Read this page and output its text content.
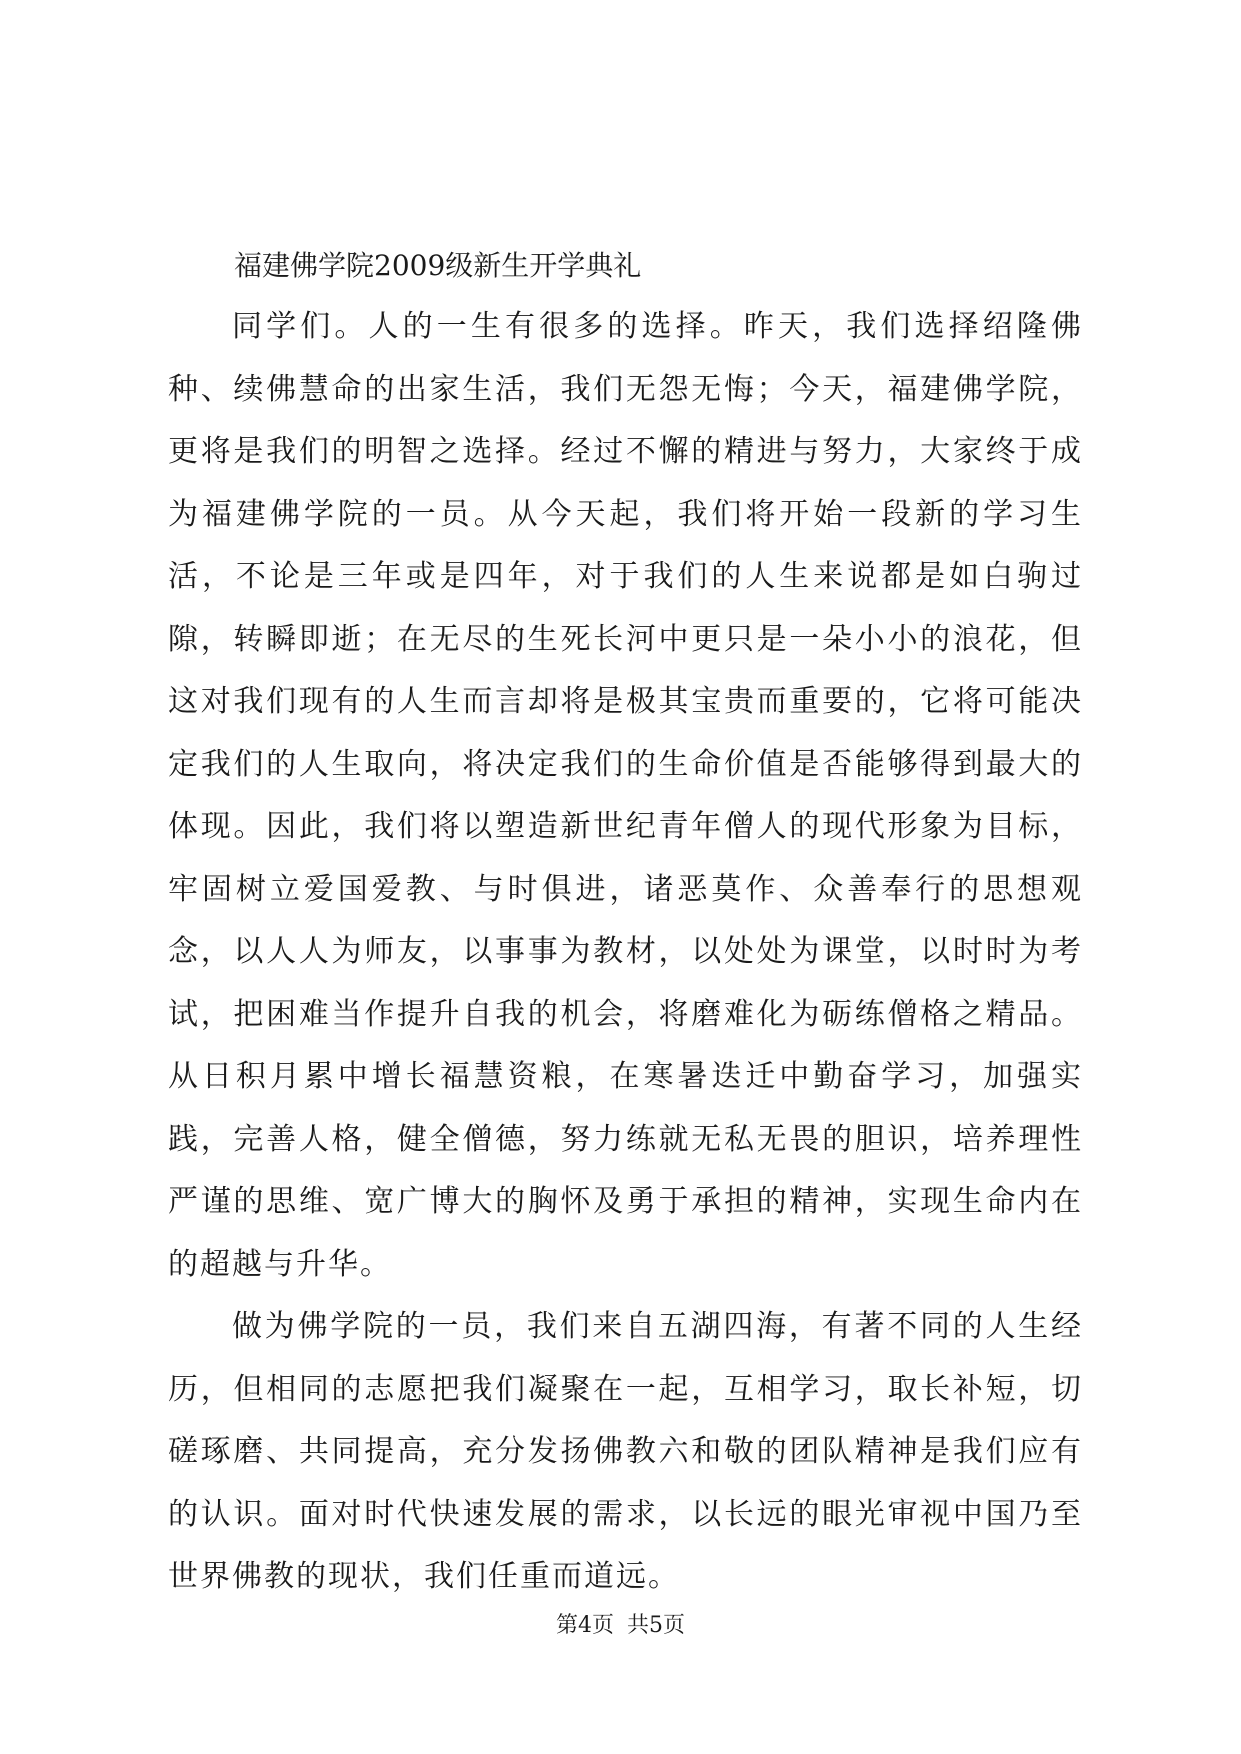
福建佛学院2009级新生开学典礼

同学们。人的一生有很多的选择。昨天，我们选择绍隆佛种、续佛慧命的出家生活，我们无怨无悔；今天，福建佛学院，更将是我们的明智之选择。经过不懈的精进与努力，大家终于成为福建佛学院的一员。从今天起，我们将开始一段新的学习生活，不论是三年或是四年，对于我们的人生来说都是如白驹过隙，转瞬即逝；在无尽的生死长河中更只是一朵小小的浪花，但这对我们现有的人生而言却将是极其宝贵而重要的，它将可能决定我们的人生取向，将决定我们的生命价值是否能够得到最大的体现。因此，我们将以塑造新世纪青年僧人的现代形象为目标，牢固树立爱国爱教、与时俱进，诸恶莫作、众善奉行的思想观念，以人人为师友，以事事为教材，以处处为课堂，以时时为考试，把困难当作提升自我的机会，将磨难化为砺练僧格之精品。从日积月累中增长福慧资粮，在寒暑迭迁中勤奋学习，加强实践，完善人格，健全僧德，努力练就无私无畏的胆识，培养理性严谨的思维、宽广博大的胸怀及勇于承担的精神，实现生命内在的超越与升华。

做为佛学院的一员，我们来自五湖四海，有著不同的人生经历，但相同的志愿把我们凝聚在一起，互相学习，取长补短，切磋琢磨、共同提高，充分发扬佛教六和敬的团队精神是我们应有的认识。面对时代快速发展的需求，以长远的眼光审视中国乃至世界佛教的现状，我们任重而道远。

第4页 共5页
